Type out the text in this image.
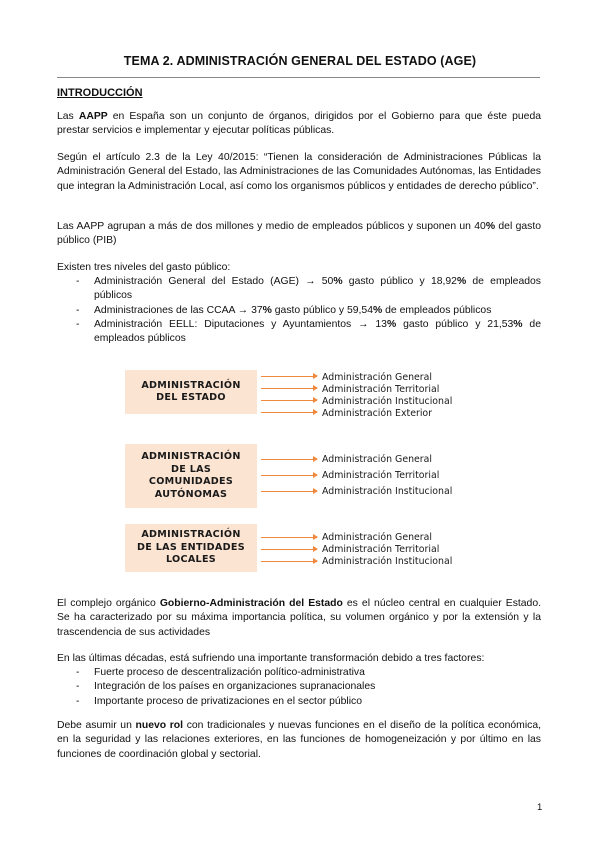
TEMA 2. ADMINISTRACIÓN GENERAL DEL ESTADO (AGE)
INTRODUCCIÓN
Las AAPP en España son un conjunto de órganos, dirigidos por el Gobierno para que éste pueda prestar servicios e implementar y ejecutar políticas públicas.
Según el artículo 2.3 de la Ley 40/2015: “Tienen la consideración de Administraciones Públicas la Administración General del Estado, las Administraciones de las Comunidades Autónomas, las Entidades que integran la Administración Local, así como los organismos públicos y entidades de derecho público”.
Las AAPP agrupan a más de dos millones y medio de empleados públicos y suponen un 40% del gasto público (PIB)
Existen tres niveles del gasto público:
- Administración General del Estado (AGE) → 50% gasto público y 18,92% de empleados públicos
- Administraciones de las CCAA → 37% gasto público y 59,54% de empleados públicos
- Administración EELL: Diputaciones y Ayuntamientos → 13% gasto público y 21,53% de empleados públicos
ADMINISTRACIÓN
DEL ESTADO
Administración General
Administración Territorial
Administración Institucional
Administración Exterior
ADMINISTRACIÓN
DE LAS
COMUNIDADES
AUTÓNOMAS
Administración General
Administración Territorial
Administración Institucional
ADMINISTRACIÓN
DE LAS ENTIDADES
LOCALES
Administración General
Administración Territorial
Administración Institucional
El complejo orgánico Gobierno-Administración del Estado es el núcleo central en cualquier Estado. Se ha caracterizado por su máxima importancia política, su volumen orgánico y por la extensión y la trascendencia de sus actividades
En las últimas décadas, está sufriendo una importante transformación debido a tres factores:
- Fuerte proceso de descentralización político-administrativa
- Integración de los países en organizaciones supranacionales
- Importante proceso de privatizaciones en el sector público
Debe asumir un nuevo rol con tradicionales y nuevas funciones en el diseño de la política económica, en la seguridad y las relaciones exteriores, en las funciones de homogeneización y por último en las funciones de coordinación global y sectorial.
1
